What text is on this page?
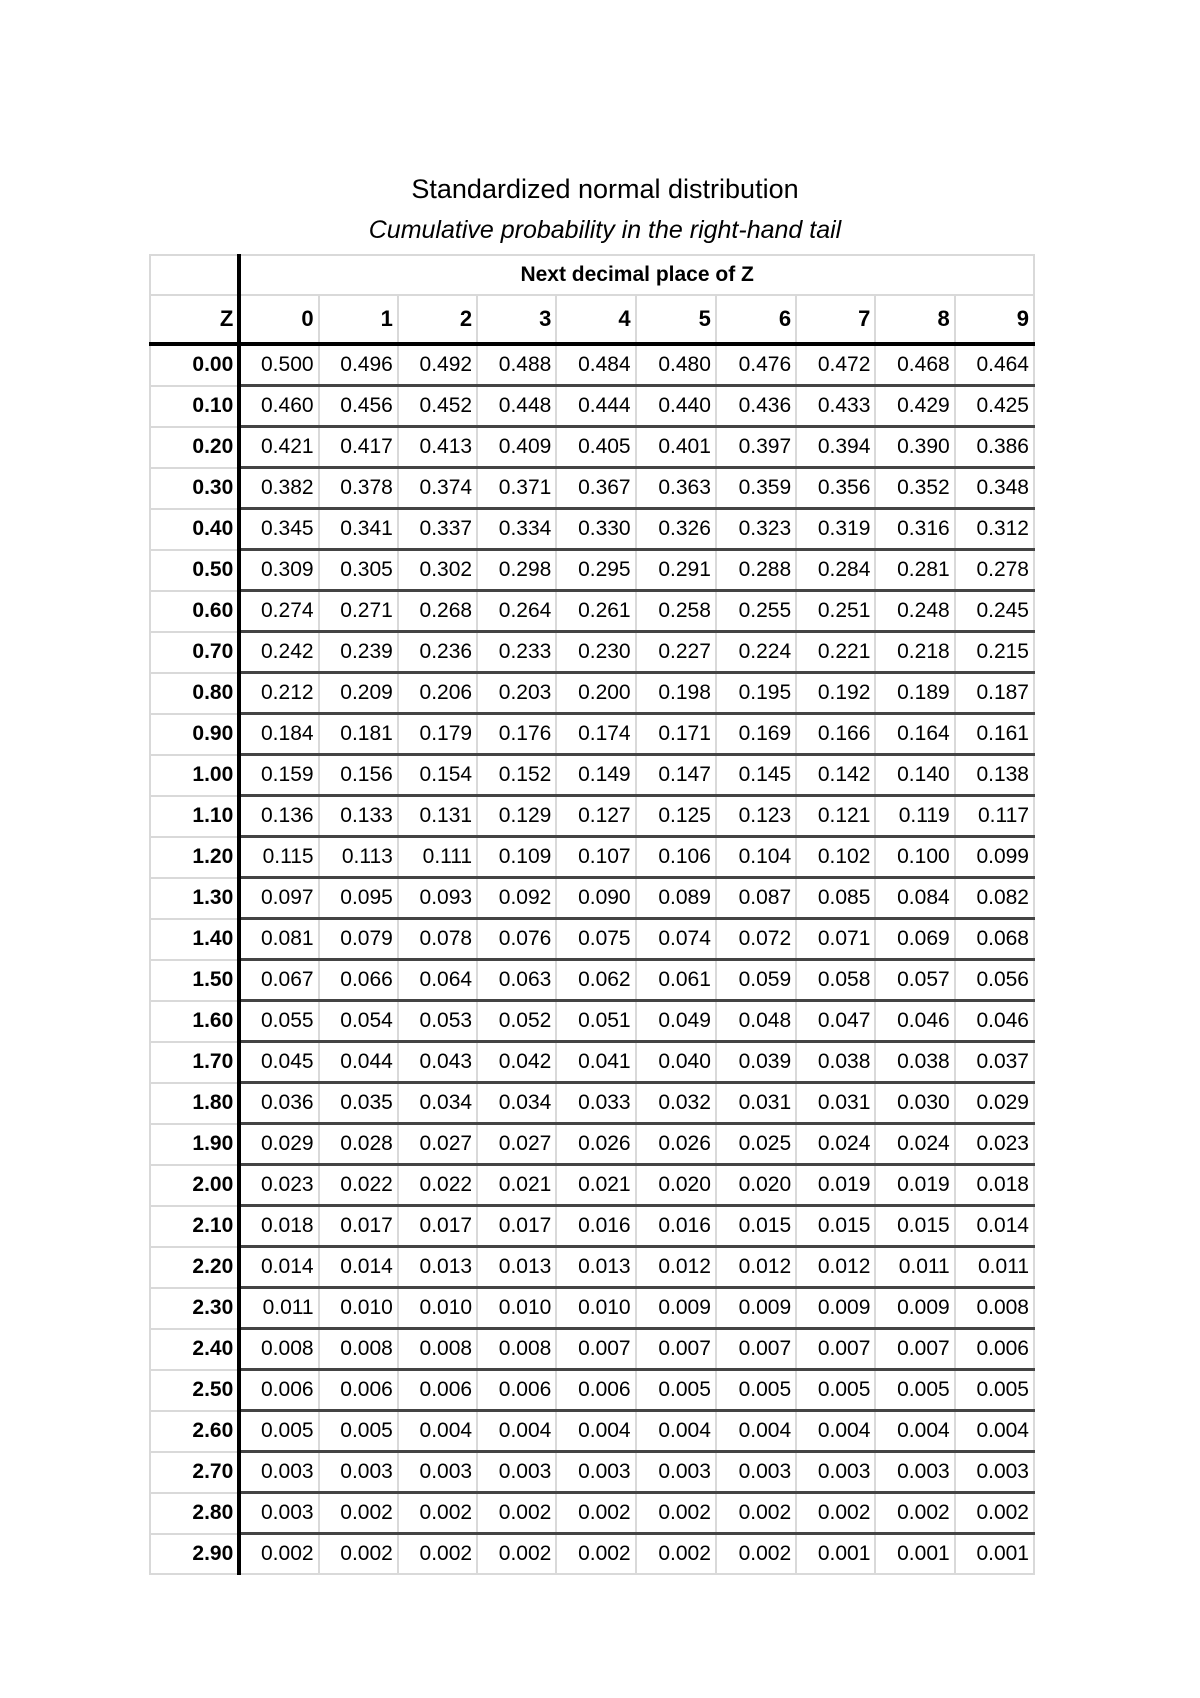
Standardized normal distribution
Cumulative probability in the right-hand tail
	Next decimal place of Z									
Z	0	1	2	3	4	5	6	7	8	9
0.00	0.500	0.496	0.492	0.488	0.484	0.480	0.476	0.472	0.468	0.464
0.10	0.460	0.456	0.452	0.448	0.444	0.440	0.436	0.433	0.429	0.425
0.20	0.421	0.417	0.413	0.409	0.405	0.401	0.397	0.394	0.390	0.386
0.30	0.382	0.378	0.374	0.371	0.367	0.363	0.359	0.356	0.352	0.348
0.40	0.345	0.341	0.337	0.334	0.330	0.326	0.323	0.319	0.316	0.312
0.50	0.309	0.305	0.302	0.298	0.295	0.291	0.288	0.284	0.281	0.278
0.60	0.274	0.271	0.268	0.264	0.261	0.258	0.255	0.251	0.248	0.245
0.70	0.242	0.239	0.236	0.233	0.230	0.227	0.224	0.221	0.218	0.215
0.80	0.212	0.209	0.206	0.203	0.200	0.198	0.195	0.192	0.189	0.187
0.90	0.184	0.181	0.179	0.176	0.174	0.171	0.169	0.166	0.164	0.161
1.00	0.159	0.156	0.154	0.152	0.149	0.147	0.145	0.142	0.140	0.138
1.10	0.136	0.133	0.131	0.129	0.127	0.125	0.123	0.121	0.119	0.117
1.20	0.115	0.113	0.111	0.109	0.107	0.106	0.104	0.102	0.100	0.099
1.30	0.097	0.095	0.093	0.092	0.090	0.089	0.087	0.085	0.084	0.082
1.40	0.081	0.079	0.078	0.076	0.075	0.074	0.072	0.071	0.069	0.068
1.50	0.067	0.066	0.064	0.063	0.062	0.061	0.059	0.058	0.057	0.056
1.60	0.055	0.054	0.053	0.052	0.051	0.049	0.048	0.047	0.046	0.046
1.70	0.045	0.044	0.043	0.042	0.041	0.040	0.039	0.038	0.038	0.037
1.80	0.036	0.035	0.034	0.034	0.033	0.032	0.031	0.031	0.030	0.029
1.90	0.029	0.028	0.027	0.027	0.026	0.026	0.025	0.024	0.024	0.023
2.00	0.023	0.022	0.022	0.021	0.021	0.020	0.020	0.019	0.019	0.018
2.10	0.018	0.017	0.017	0.017	0.016	0.016	0.015	0.015	0.015	0.014
2.20	0.014	0.014	0.013	0.013	0.013	0.012	0.012	0.012	0.011	0.011
2.30	0.011	0.010	0.010	0.010	0.010	0.009	0.009	0.009	0.009	0.008
2.40	0.008	0.008	0.008	0.008	0.007	0.007	0.007	0.007	0.007	0.006
2.50	0.006	0.006	0.006	0.006	0.006	0.005	0.005	0.005	0.005	0.005
2.60	0.005	0.005	0.004	0.004	0.004	0.004	0.004	0.004	0.004	0.004
2.70	0.003	0.003	0.003	0.003	0.003	0.003	0.003	0.003	0.003	0.003
2.80	0.003	0.002	0.002	0.002	0.002	0.002	0.002	0.002	0.002	0.002
2.90	0.002	0.002	0.002	0.002	0.002	0.002	0.002	0.001	0.001	0.001
